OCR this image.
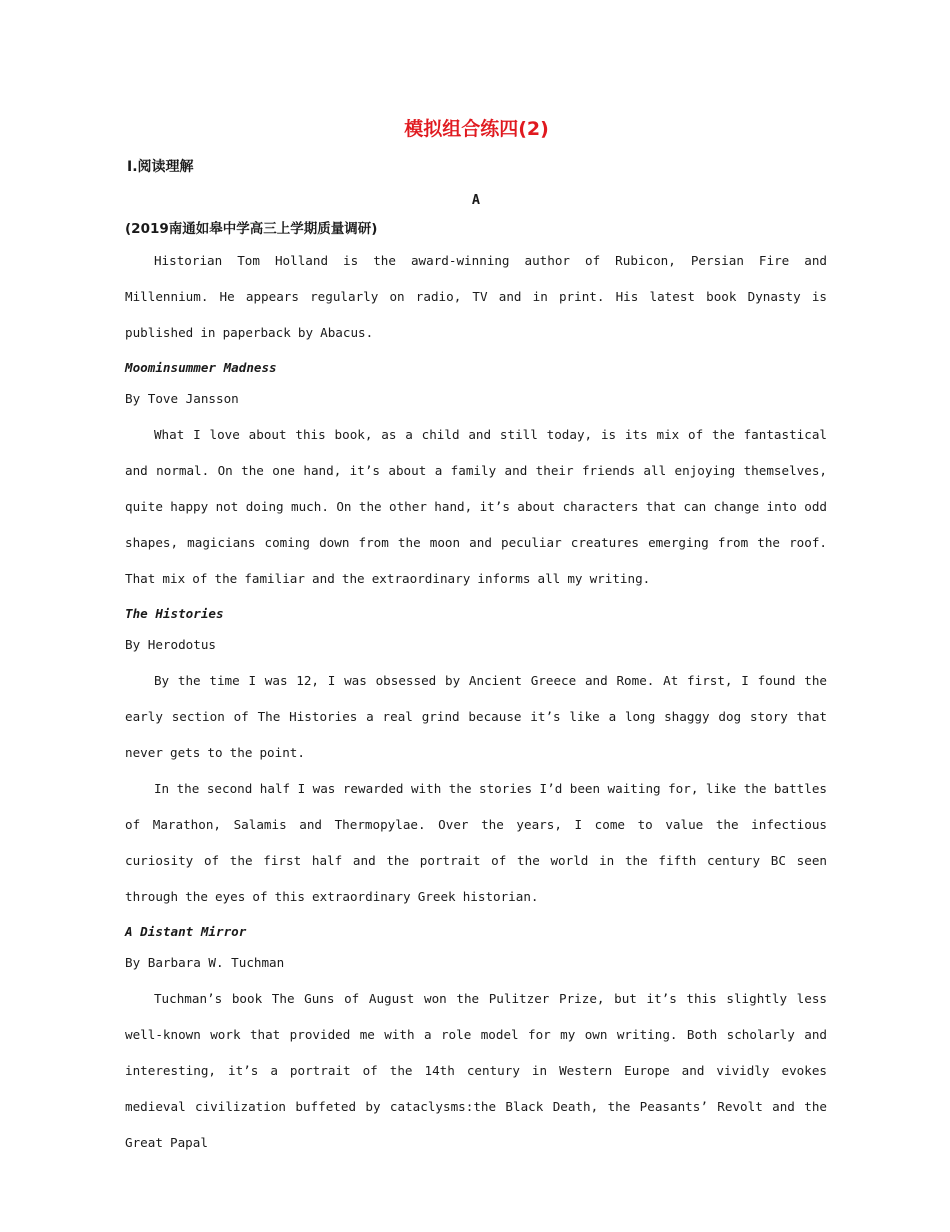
模拟组合练四(2)
Ⅰ.阅读理解
A
(2019南通如皋中学高三上学期质量调研)

Historian Tom Holland is the award-winning author of Rubicon, Persian Fire and Millennium. He appears regularly on radio, TV and in print. His latest book Dynasty is published in paperback by Abacus.

Moominsummer Madness
By Tove Jansson

What I love about this book, as a child and still today, is its mix of the fantastical and normal. On the one hand, it’s about a family and their friends all enjoying themselves, quite happy not doing much. On the other hand, it’s about characters that can change into odd shapes, magicians coming down from the moon and peculiar creatures emerging from the roof. That mix of the familiar and the extraordinary informs all my writing.

The Histories
By Herodotus

By the time I was 12, I was obsessed by Ancient Greece and Rome. At first, I found the early section of The Histories a real grind because it’s like a long shaggy dog story that never gets to the point.

In the second half I was rewarded with the stories I’d been waiting for, like the battles of Marathon, Salamis and Thermopylae. Over the years, I come to value the infectious curiosity of the first half and the portrait of the world in the fifth century BC seen through the eyes of this extraordinary Greek historian.

A Distant Mirror
By Barbara W. Tuchman

Tuchman’s book The Guns of August won the Pulitzer Prize, but it’s this slightly less well-known work that provided me with a role model for my own writing. Both scholarly and interesting, it’s a portrait of the 14th century in Western Europe and vividly evokes medieval civilization buffeted by cataclysms:the Black Death, the Peasants’ Revolt and the Great Papal
